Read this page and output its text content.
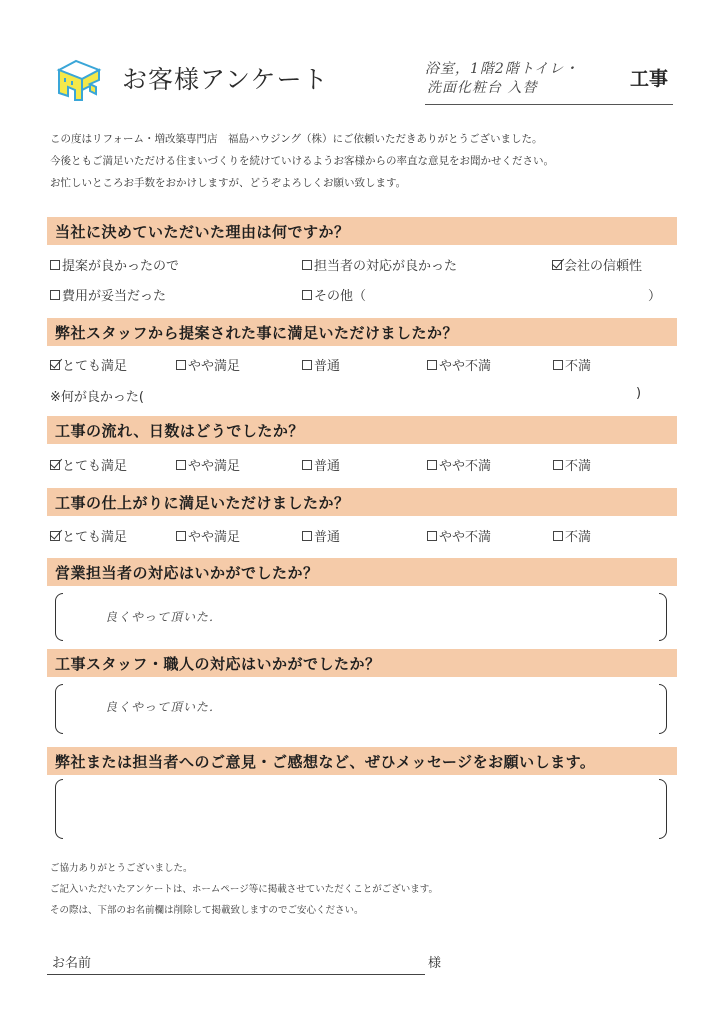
お客様アンケート	浴室，1階2階トイレ・
洗面化粧台 入替	工事
この度はリフォーム・増改築専門店　福島ハウジング（株）にご依頼いただきありがとうございました。
今後ともご満足いただける住まいづくりを続けていけるようお客様からの率直な意見をお聞かせください。
お忙しいところお手数をおかけしますが、どうぞよろしくお願い致します。
当社に決めていただいた理由は何ですか？
提案が良かったので	担当者の対応が良かった	会社の信頼性
費用が妥当だった	その他（	）
弊社スタッフから提案された事に満足いただけましたか？
とても満足	やや満足	普通	やや不満	不満
※何が良かった(	)
工事の流れ、日数はどうでしたか？
とても満足	やや満足	普通	やや不満	不満
工事の仕上がりに満足いただけましたか？
とても満足	やや満足	普通	やや不満	不満
営業担当者の対応はいかがでしたか？
良くやって頂いた．
工事スタッフ・職人の対応はいかがでしたか？
良くやって頂いた．
弊社または担当者へのご意見・ご感想など、ぜひメッセージをお願いします。
ご協力ありがとうございました。
ご記入いただいたアンケートは、ホームページ等に掲載させていただくことがございます。
その際は、下部のお名前欄は削除して掲載致しますのでご安心ください。
お名前	様
